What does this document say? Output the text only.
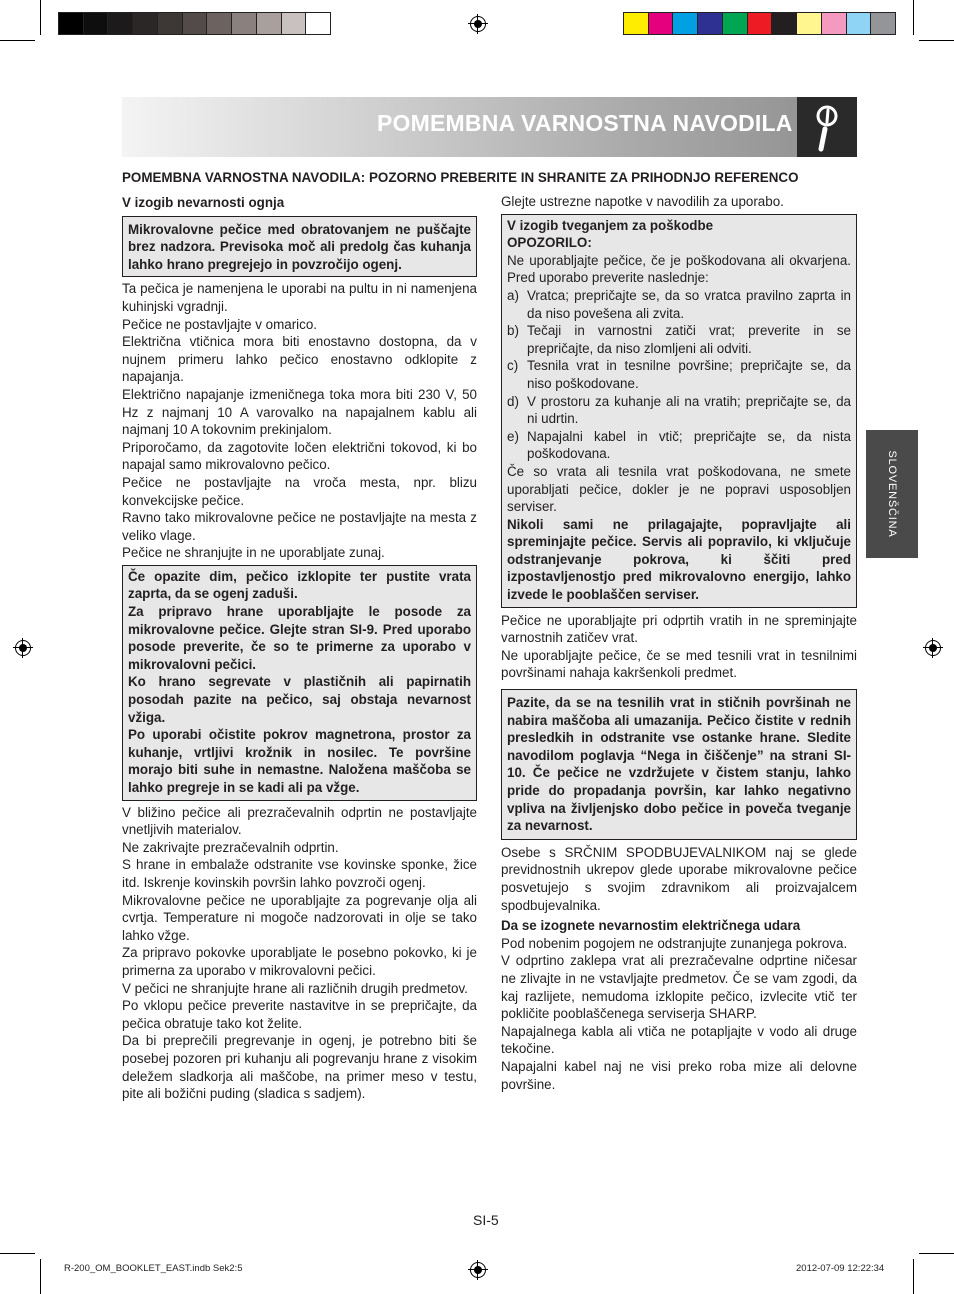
POMEMBNA VARNOSTNA NAVODILA
POMEMBNA VARNOSTNA NAVODILA: POZORNO PREBERITE IN SHRANITE ZA PRIHODNJO REFERENCO

V izogib nevarnosti ognja

Mikrovalovne pečice med obratovanjem ne puščajte brez nadzora. Previsoka moč ali predolg čas kuhanja lahko hrano pregrejejo in povzročijo ogenj.

Ta pečica je namenjena le uporabi na pultu in ni namenjena kuhinjski vgradnji.

Pečice ne postavljajte v omarico.

Električna vtičnica mora biti enostavno dostopna, da v nujnem primeru lahko pečico enostavno odklopite z napajanja.

Električno napajanje izmeničnega toka mora biti 230 V, 50 Hz z najmanj 10 A varovalko na napajalnem kablu ali najmanj 10 A tokovnim prekinjalom.

Priporočamo, da zagotovite ločen električni tokovod, ki bo napajal samo mikrovalovno pečico.

Pečice ne postavljajte na vroča mesta, npr. blizu konvekcijske pečice.

Ravno tako mikrovalovne pečice ne postavljajte na mesta z veliko vlage.

Pečice ne shranjujte in ne uporabljate zunaj.

Če opazite dim, pečico izklopite ter pustite vrata zaprta, da se ogenj zaduši.

Za pripravo hrane uporabljajte le posode za mikrovalovne pečice. Glejte stran SI-9. Pred uporabo posode preverite, če so te primerne za uporabo v mikrovalovni pečici.

Ko hrano segrevate v plastičnih ali papirnatih posodah pazite na pečico, saj obstaja nevarnost vžiga.

Po uporabi očistite pokrov magnetrona, prostor za kuhanje, vrtljivi krožnik in nosilec. Te površine morajo biti suhe in nemastne. Naložena maščoba se lahko pregreje in se kadi ali pa vžge.

V bližino pečice ali prezračevalnih odprtin ne postavljajte vnetljivih materialov.

Ne zakrivajte prezračevalnih odprtin.

S hrane in embalaže odstranite vse kovinske sponke, žice itd. Iskrenje kovinskih površin lahko povzroči ogenj.

Mikrovalovne pečice ne uporabljajte za pogrevanje olja ali cvrtja. Temperature ni mogoče nadzorovati in olje se tako lahko vžge.

Za pripravo pokovke uporabljate le posebno pokovko, ki je primerna za uporabo v mikrovalovni pečici.

V pečici ne shranjujte hrane ali različnih drugih predmetov.

Po vklopu pečice preverite nastavitve in se prepričajte, da pečica obratuje tako kot želite.

Da bi preprečili pregrevanje in ogenj, je potrebno biti še posebej pozoren pri kuhanju ali pogrevanju hrane z visokim deležem sladkorja ali maščobe, na primer meso v testu, pite ali božični puding (sladica s sadjem).

Glejte ustrezne napotke v navodilih za uporabo.

V izogib tveganjem za poškodbe

OPOZORILO:

Ne uporabljajte pečice, če je poškodovana ali okvarjena. Pred uporabo preverite naslednje:

a) Vratca; prepričajte se, da so vratca pravilno zaprta in da niso povešena ali zvita.
b) Tečaji in varnostni zatiči vrat; preverite in se prepričajte, da niso zlomljeni ali odviti.
c) Tesnila vrat in tesnilne površine; prepričajte se, da niso poškodovane.
d) V prostoru za kuhanje ali na vratih; prepričajte se, da ni udrtin.
e) Napajalni kabel in vtič; prepričajte se, da nista poškodovana.

Če so vrata ali tesnila vrat poškodovana, ne smete uporabljati pečice, dokler je ne popravi usposobljen serviser.

Nikoli sami ne prilagajajte, popravljajte ali spreminjajte pečice. Servis ali popravilo, ki vključuje odstranjevanje pokrova, ki ščiti pred izpostavljenostjo pred mikrovalovno energijo, lahko izvede le pooblaščen serviser.

Pečice ne uporabljajte pri odprtih vratih in ne spreminjajte varnostnih zatičev vrat.

Ne uporabljajte pečice, če se med tesnili vrat in tesnilnimi površinami nahaja kakršenkoli predmet.

Pazite, da se na tesnilih vrat in stičnih površinah ne nabira maščoba ali umazanija. Pečico čistite v rednih presledkih in odstranite vse ostanke hrane. Sledite navodilom poglavja “Nega in čiščenje” na strani SI-10. Če pečice ne vzdržujete v čistem stanju, lahko pride do propadanja površin, kar lahko negativno vpliva na življenjsko dobo pečice in poveča tveganje za nevarnost.

Osebe s SRČNIM SPODBUJEVALNIKOM naj se glede previdnostnih ukrepov glede uporabe mikrovalovne pečice posvetujejo s svojim zdravnikom ali proizvajalcem spodbujevalnika.

Da se izognete nevarnostim električnega udara

Pod nobenim pogojem ne odstranjujte zunanjega pokrova.

V odprtino zaklepa vrat ali prezračevalne odprtine ničesar ne zlivajte in ne vstavljajte predmetov. Če se vam zgodi, da kaj razlijete, nemudoma izklopite pečico, izvlecite vtič ter pokličite pooblaščenega serviserja SHARP.

Napajalnega kabla ali vtiča ne potapljajte v vodo ali druge tekočine.

Napajalni kabel naj ne visi preko roba mize ali delovne površine.

SLOVENŠČINA
SI-5
R-200_OM_BOOKLET_EAST.indb Sek2:5	2012-07-09 12:22:34
